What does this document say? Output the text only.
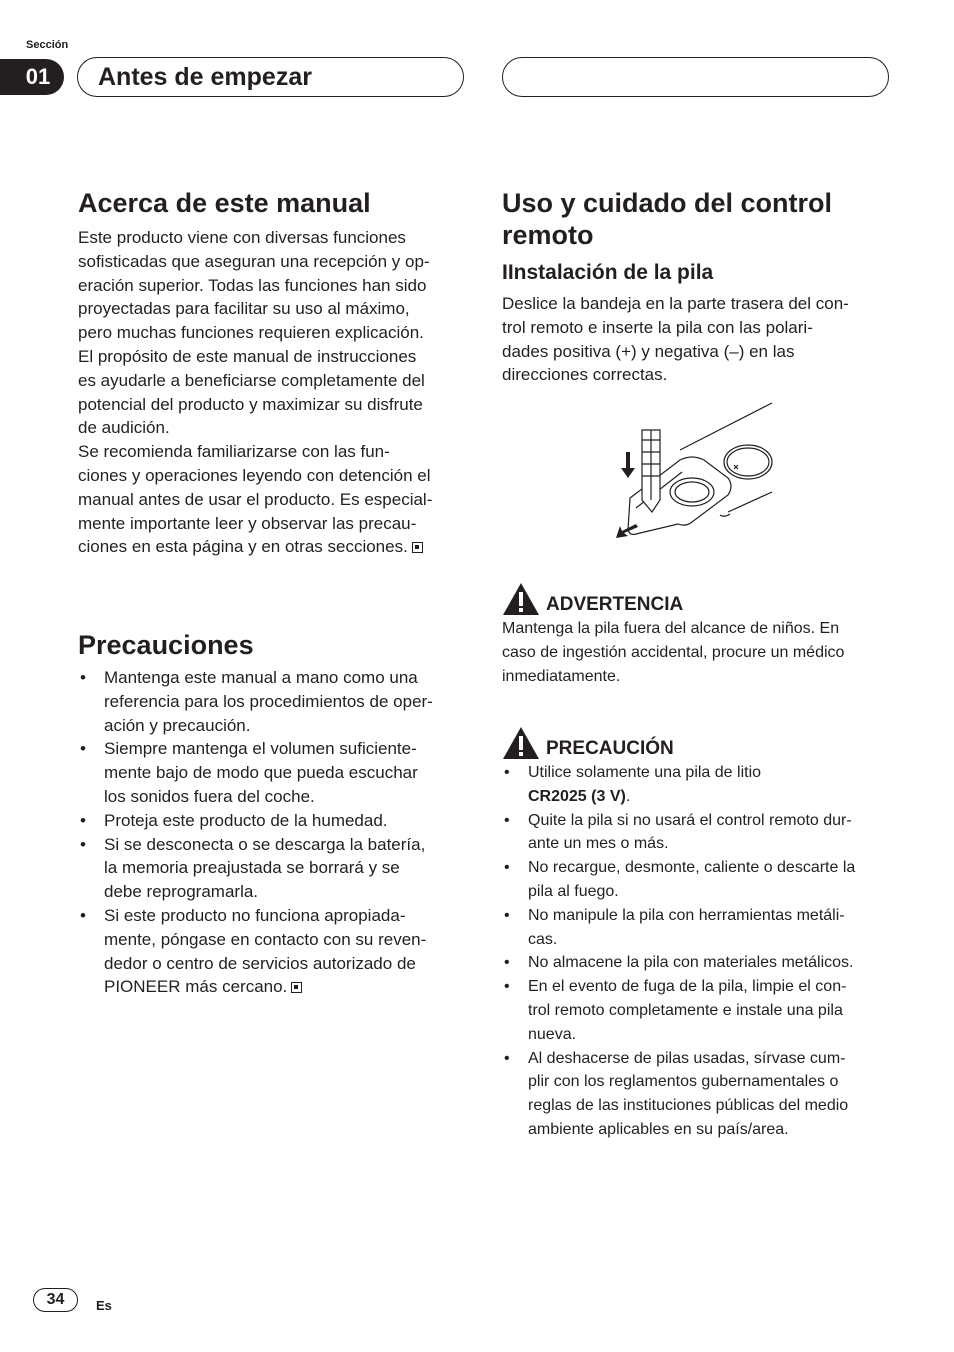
Sección
01	Antes de empezar
Acerca de este manual
Este producto viene con diversas funciones
sofisticadas que aseguran una recepción y op-
eración superior. Todas las funciones han sido
proyectadas para facilitar su uso al máximo,
pero muchas funciones requieren explicación.
El propósito de este manual de instrucciones
es ayudarle a beneficiarse completamente del
potencial del producto y maximizar su disfrute
de audición.
Se recomienda familiarizarse con las fun-
ciones y operaciones leyendo con detención el
manual antes de usar el producto. Es especial-
mente importante leer y observar las precau-
ciones en esta página y en otras secciones.
Precauciones
• Mantenga este manual a mano como una
referencia para los procedimientos de oper-
ación y precaución.
• Siempre mantenga el volumen suficiente-
mente bajo de modo que pueda escuchar
los sonidos fuera del coche.
• Proteja este producto de la humedad.
• Si se desconecta o se descarga la batería,
la memoria preajustada se borrará y se
debe reprogramarla.
• Si este producto no funciona apropiada-
mente, póngase en contacto con su reven-
dedor o centro de servicios autorizado de
PIONEER más cercano.
Uso y cuidado del control
remoto
IInstalación de la pila
Deslice la bandeja en la parte trasera del con-
trol remoto e inserte la pila con las polari-
dades positiva (+) y negativa (–) en las
direcciones correctas.
ADVERTENCIA
Mantenga la pila fuera del alcance de niños. En
caso de ingestión accidental, procure un médico
inmediatamente.
PRECAUCIÓN
• Utilice solamente una pila de litio
CR2025 (3 V).
• Quite la pila si no usará el control remoto dur-
ante un mes o más.
• No recargue, desmonte, caliente o descarte la
pila al fuego.
• No manipule la pila con herramientas metáli-
cas.
• No almacene la pila con materiales metálicos.
• En el evento de fuga de la pila, limpie el con-
trol remoto completamente e instale una pila
nueva.
• Al deshacerse de pilas usadas, sírvase cum-
plir con los reglamentos gubernamentales o
reglas de las instituciones públicas del medio
ambiente aplicables en su país/area.
34	Es
